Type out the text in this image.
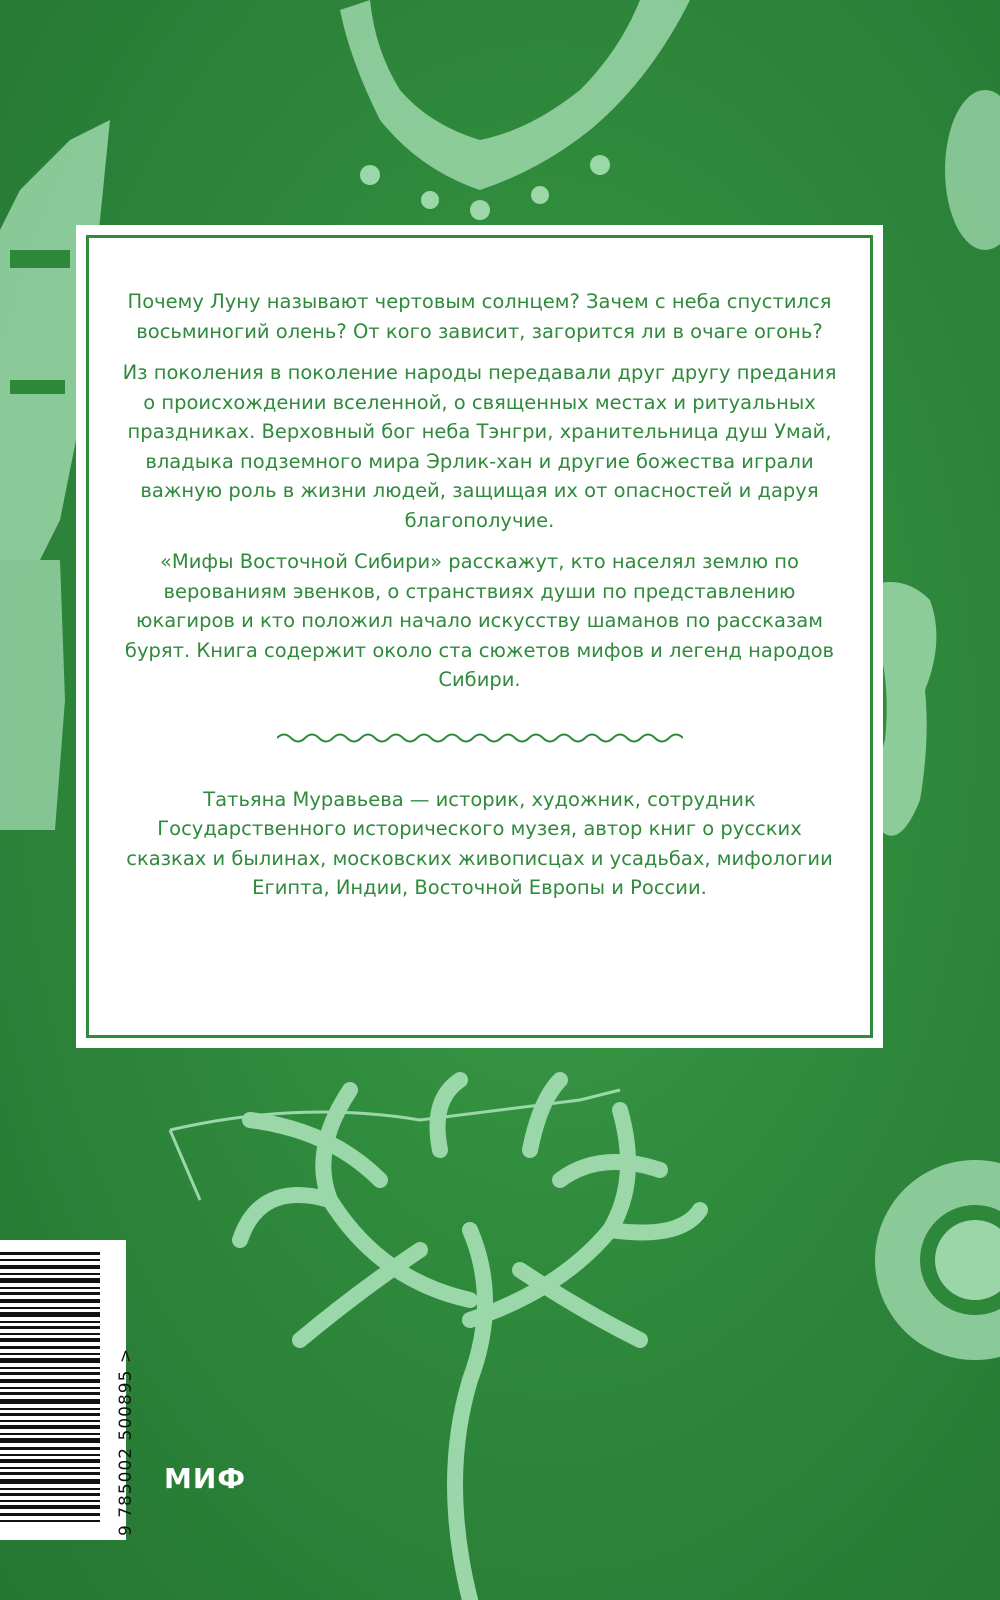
Почему Луну называют чертовым солнцем? Зачем с неба спустился восьминогий олень? От кого зависит, загорится ли в очаге огонь?

Из поколения в поколение народы передавали друг другу предания о происхождении вселенной, о священных местах и ритуальных праздниках. Верховный бог неба Тэнгри, хранительница душ Умай, владыка подземного мира Эрлик-хан и другие божества играли важную роль в жизни людей, защищая их от опасностей и даруя благополучие.

«Мифы Восточной Сибири» расскажут, кто населял землю по верованиям эвенков, о странствиях души по представлению юкагиров и кто положил начало искусству шаманов по рассказам бурят. Книга содержит около ста сюжетов мифов и легенд народов Сибири.

Татьяна Муравьева — историк, художник, сотрудник Государственного исторического музея, автор книг о русских сказках и былинах, московских живописцах и усадьбах, мифологии Египта, Индии, Восточной Европы и России.

9 785002 500895 > МИФ
